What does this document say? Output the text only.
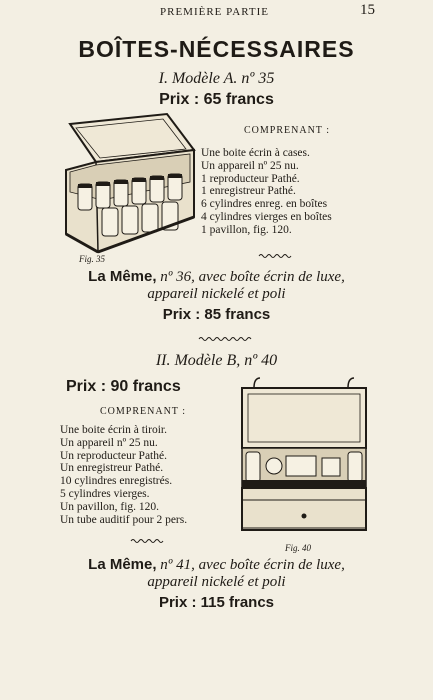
PREMIÈRE PARTIE	15
BOÎTES-NÉCESSAIRES
I. Modèle A. nº 35
Prix : 65 francs
Fig. 35
COMPRENANT :
Une boite écrin à cases.
Un appareil nº 25 nu.
1 reproducteur Pathé.
1 enregistreur Pathé.
6 cylindres enreg. en boîtes
4 cylindres vierges en boîtes
1 pavillon, fig. 120.
La Même, nº 36, avec boîte écrin de luxe,
appareil nickelé et poli
Prix : 85 francs
II. Modèle B, nº 40
Prix : 90 francs
COMPRENANT :
Une boite écrin à tiroir.
Un appareil nº 25 nu.
Un reproducteur Pathé.
Un enregistreur Pathé.
10 cylindres enregistrés.
5 cylindres vierges.
Un pavillon, fig. 120.
Un tube auditif pour 2 pers.
Fig. 40
La Même, nº 41, avec boîte écrin de luxe,
appareil nickelé et poli
Prix : 115 francs
